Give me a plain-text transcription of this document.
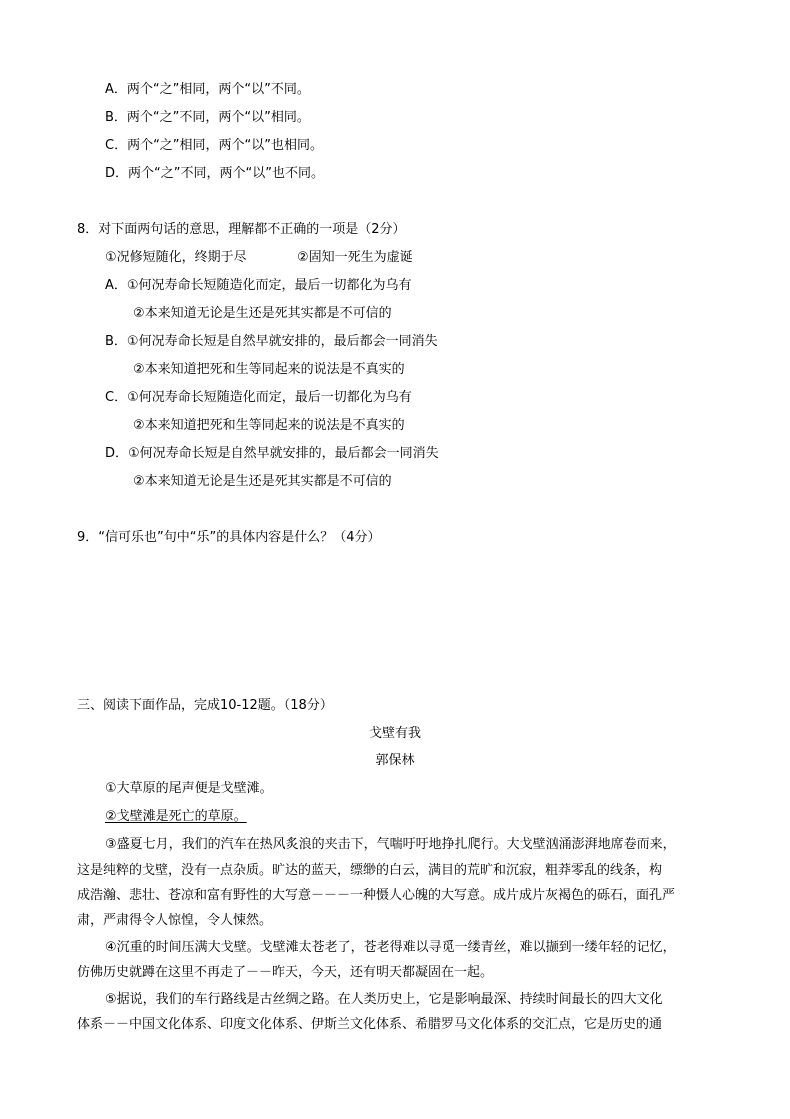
A．两个“之”相同，两个“以”不同。
B．两个“之”不同，两个“以”相同。
C．两个“之”相同，两个“以”也相同。
D．两个“之”不同，两个“以”也不同。
8．对下面两句话的意思，理解都不正确的一项是（2分）
①况修短随化，终期于尽	②固知一死生为虚诞
A．①何况寿命长短随造化而定，最后一切都化为乌有
②本来知道无论是生还是死其实都是不可信的
B．①何况寿命长短是自然早就安排的，最后都会一同消失
②本来知道把死和生等同起来的说法是不真实的
C．①何况寿命长短随造化而定，最后一切都化为乌有
②本来知道把死和生等同起来的说法是不真实的
D．①何况寿命长短是自然早就安排的，最后都会一同消失
②本来知道无论是生还是死其实都是不可信的
9．“信可乐也”句中“乐”的具体内容是什么？（4分）
三、阅读下面作品，完成10-12题。（18分）
戈壁有我
郭保林
①大草原的尾声便是戈壁滩。
②戈壁滩是死亡的草原。
③盛夏七月，我们的汽车在热风炙浪的夹击下，气喘吁吁地挣扎爬行。大戈壁汹涌澎湃地席卷而来，
这是纯粹的戈壁，没有一点杂质。旷达的蓝天，缥缈的白云，满目的荒旷和沉寂，粗莽零乱的线条，构
成浩瀚、悲壮、苍凉和富有野性的大写意－－－一种慑人心魄的大写意。成片成片灰褐色的砾石，面孔严
肃，严肃得令人惊惶，令人悚然。
④沉重的时间压满大戈壁。戈壁滩太苍老了，苍老得难以寻觅一缕青丝，难以撷到一缕年轻的记忆，
仿佛历史就蹲在这里不再走了－－昨天，今天，还有明天都凝固在一起。
⑤据说，我们的车行路线是古丝绸之路。在人类历史上，它是影响最深、持续时间最长的四大文化
体系－－中国文化体系、印度文化体系、伊斯兰文化体系、希腊罗马文化体系的交汇点，它是历史的通
